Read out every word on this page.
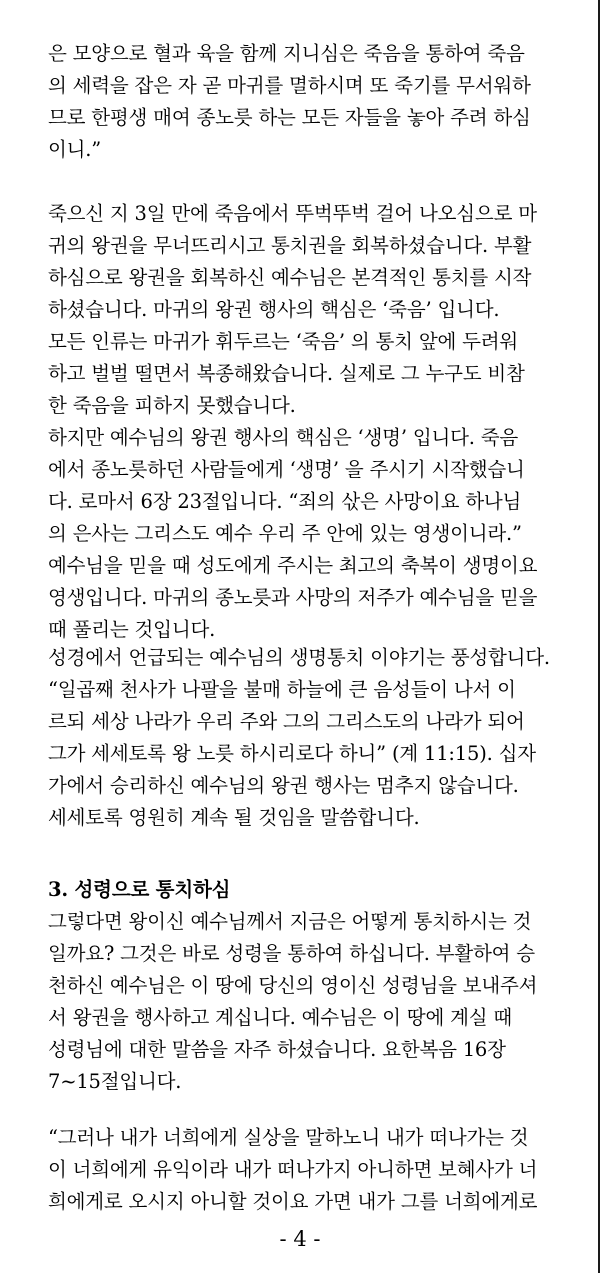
은 모양으로 혈과 육을 함께 지니심은 죽음을 통하여 죽음
의 세력을 잡은 자 곧 마귀를 멸하시며 또 죽기를 무서워하
므로 한평생 매여 종노릇 하는 모든 자들을 놓아 주려 하심
이니.”
죽으신 지 3일 만에 죽음에서 뚜벅뚜벅 걸어 나오심으로 마
귀의 왕권을 무너뜨리시고 통치권을 회복하셨습니다. 부활
하심으로 왕권을 회복하신 예수님은 본격적인 통치를 시작
하셨습니다. 마귀의 왕권 행사의 핵심은 ‘죽음’ 입니다.
모든 인류는 마귀가 휘두르는 ‘죽음’ 의 통치 앞에 두려워
하고 벌벌 떨면서 복종해왔습니다. 실제로 그 누구도 비참
한 죽음을 피하지 못했습니다.
하지만 예수님의 왕권 행사의 핵심은 ‘생명’ 입니다. 죽음
에서 종노릇하던 사람들에게 ‘생명’ 을 주시기 시작했습니
다. 로마서 6장 23절입니다. “죄의 삯은 사망이요 하나님
의 은사는 그리스도 예수 우리 주 안에 있는 영생이니라.”
예수님을 믿을 때 성도에게 주시는 최고의 축복이 생명이요
영생입니다. 마귀의 종노릇과 사망의 저주가 예수님을 믿을
때 풀리는 것입니다.
성경에서 언급되는 예수님의 생명통치 이야기는 풍성합니다.
“일곱째 천사가 나팔을 불매 하늘에 큰 음성들이 나서 이
르되 세상 나라가 우리 주와 그의 그리스도의 나라가 되어
그가 세세토록 왕 노릇 하시리로다 하니” (계 11:15). 십자
가에서 승리하신 예수님의 왕권 행사는 멈추지 않습니다.
세세토록 영원히 계속 될 것임을 말씀합니다.
3. 성령으로 통치하심
그렇다면 왕이신 예수님께서 지금은 어떻게 통치하시는 것
일까요? 그것은 바로 성령을 통하여 하십니다. 부활하여 승
천하신 예수님은 이 땅에 당신의 영이신 성령님을 보내주셔
서 왕권을 행사하고 계십니다. 예수님은 이 땅에 계실 때
성령님에 대한 말씀을 자주 하셨습니다. 요한복음 16장
7~15절입니다.
“그러나 내가 너희에게 실상을 말하노니 내가 떠나가는 것
이 너희에게 유익이라 내가 떠나가지 아니하면 보혜사가 너
희에게로 오시지 아니할 것이요 가면 내가 그를 너희에게로
- 4 -
